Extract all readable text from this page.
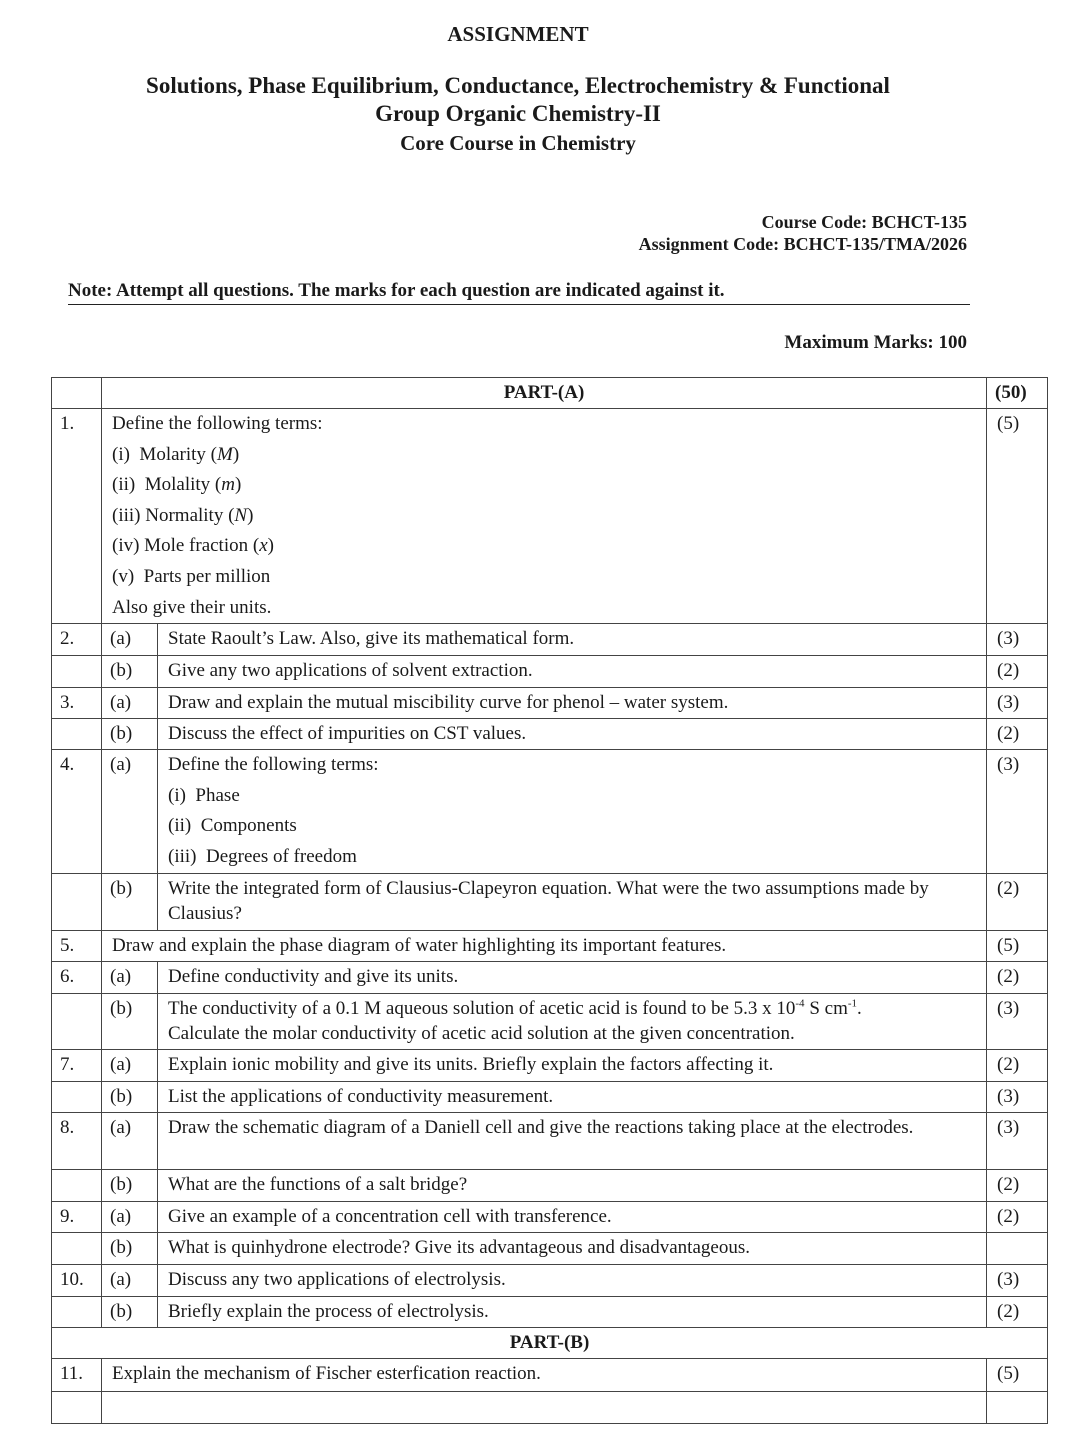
ASSIGNMENT
Solutions, Phase Equilibrium, Conductance, Electrochemistry & Functional
Group Organic Chemistry-II
Core Course in Chemistry
Course Code: BCHCT-135
Assignment Code: BCHCT-135/TMA/2026
Note: Attempt all questions. The marks for each question are indicated against it.
Maximum Marks: 100
	PART-(A)		(50)
1.	Define the following terms:
(i)  Molarity (M)
(ii)  Molality (m)
(iii) Normality (N)
(iv) Mole fraction (x)
(v)  Parts per million
Also give their units.
	(5)
2.	(a)	State Raoult’s Law. Also, give its mathematical form.	(3)
	(b)	Give any two applications of solvent extraction.	(2)
3.	(a)	Draw and explain the mutual miscibility curve for phenol – water system.	(3)
	(b)	Discuss the effect of impurities on CST values.	(2)
4.	(a)	Define the following terms:
(i)  Phase
(ii)  Components
(iii)  Degrees of freedom	(3)
	(b)	Write the integrated form of Clausius-Clapeyron equation. What were the two assumptions made by Clausius?	(2)
5.	Draw and explain the phase diagram of water highlighting its important features.		(5)
6.	(a)	Define conductivity and give its units.	(2)
	(b)	The conductivity of a 0.1 M aqueous solution of acetic acid is found to be 5.3 x $10^{-4}$ S $cm^{-1}$.
Calculate the molar conductivity of acetic acid solution at the given concentration.	(3)
7.	(a)	Explain ionic mobility and give its units. Briefly explain the factors affecting it.	(2)
	(b)	List the applications of conductivity measurement.	(3)
8.	(a)	Draw the schematic diagram of a Daniell cell and give the reactions taking place at the electrodes.	(3)
	(b)	What are the functions of a salt bridge?	(2)
9.	(a)	Give an example of a concentration cell with transference.	(2)
	(b)	What is quinhydrone electrode? Give its advantageous and disadvantageous.	
10.	(a)	Discuss any two applications of electrolysis.	(3)
	(b)	Briefly explain the process of electrolysis.	(2)
PART-(B)			
11.	Explain the mechanism of Fischer esterfication reaction.		(5)
